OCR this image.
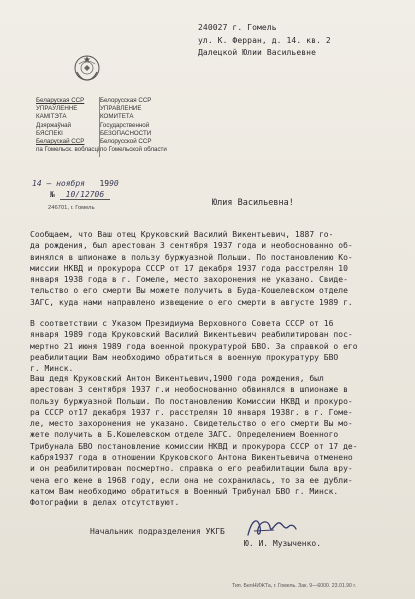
240027 г. Гомель
ул. К. Ферран, д. 14. кв. 2
Далецкой Юлии Васильевне
Беларуская ССР
УПРАЎЛЕННЕ
КАМІТЭТА
Дзяржаўнай
БЯСПЕКІ
Беларускай ССР
па Гомельск. вобласці
Белорусская ССР
УПРАВЛЕНИЕ
КОМИТЕТА
Государственной
БЕЗОПАСНОСТИ
Белорусской ССР
по Гомельской области
14 – ноября 1990
№ 10/12706
246701, г. Гомель	Юлия Васильевна!
Сообщаем, что Ваш отец Круковский Василий Викентьевич, 1887 го-
да рождения, был арестован 3 сентября 1937 года и необоснованно об-
винялся в шпионаже в пользу буржуазной Польши. По постановлению Ко-
миссии НКВД и прокурора СССР от 17 декабря 1937 года расстрелян 10
января 1938 года в г. Гомеле, место захоронения не указано. Свиде-
тельство о его смерти Вы можете получить в Буда-Кошелевском отделе
ЗАГС, куда нами направлено извещение о его смерти в августе 1989 г.
В соответствии с Указом Президиума Верховного Совета СССР от 16
января 1989 года Круковский Василий Викентьевич реабилитирован пос-
мертно 21 июня 1989 года военной прокуратурой БВО. За справкой о его
реабилитации Вам необходимо обратиться в военную прокуратуру БВО
г. Минск.
Ваш дедя Круковский Антон Викентьевич,1900 года рождения, был
арестован 3 сентября 1937 г.и необоснованно обвинялся в шпионаже в
пользу буржуазной Польши. По постановлению Комиссии НКВД и прокуро-
ра СССР от17 декабря 1937 г. расстрелян 10 января 1938г. в г. Гоме-
ле, место захоронения не указано. Свидетельство о его смерти Вы мо-
жете получить в Б.Кошелевском отделе ЗАГС. Определением Военного
Трибунала БВО постановление комиссии НКВД и прокурора СССР от 17 де-
кабря1937 года в отношении Круковского Антона Викентьевича отменено
и он реабилитирован посмертно. справка о его реабилитации была вру-
чена его жене в 1968 году, если она не сохранилась, то за ее дубли-
катом Вам необходимо обратиться в Военный Трибунал БВО г. Минск.
Фотографии в делах отсутствуют.
Начальник подразделения УКГБ
Ю. И. Музыченко.
Тип. БелНИЖТа, г. Гомель. Зак. 9—6000. 23.01.90 г.
